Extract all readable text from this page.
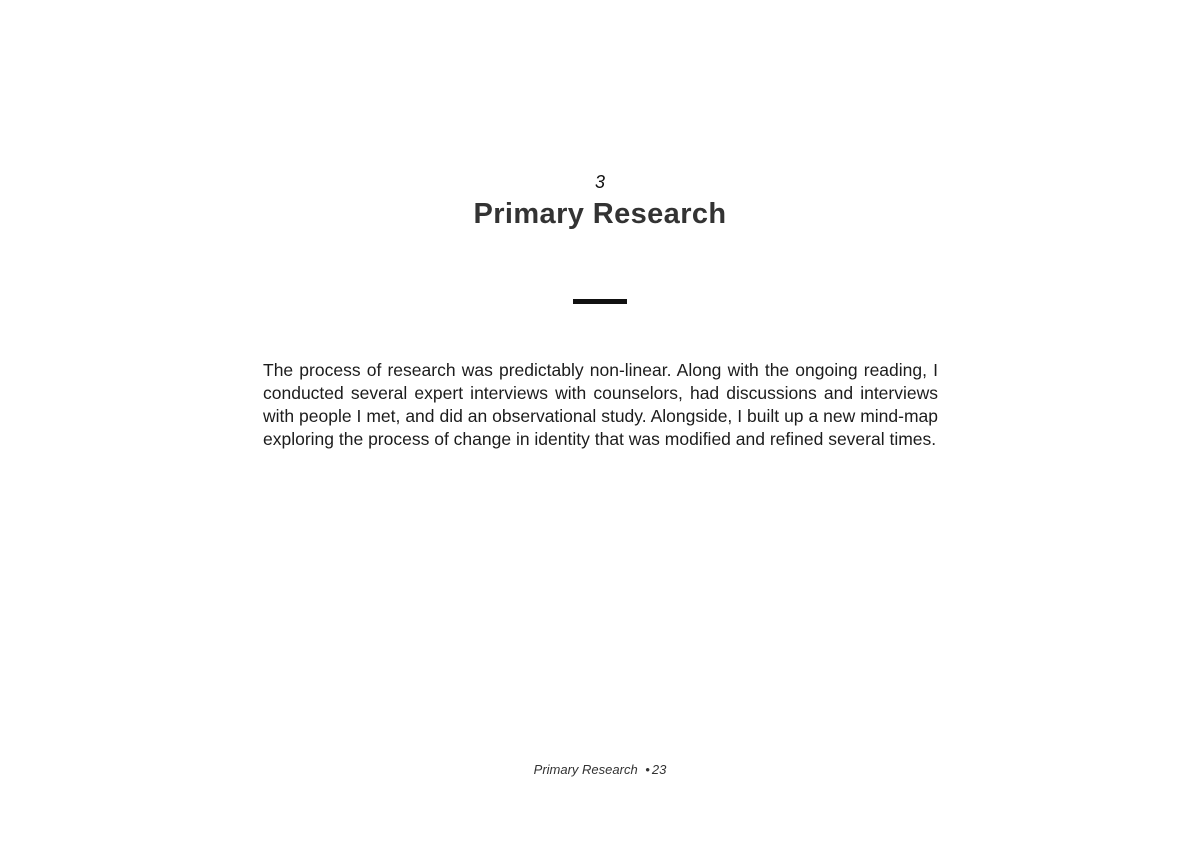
3
Primary Research

The process of research was predictably non-linear. Along with the ongoing reading, I conducted several expert interviews with counselors, had discussions and interviews with people I met, and did an observational study. Alongside, I built up a new mind-map exploring the process of change in identity that was modified and refined several times.

Primary Research • 23
